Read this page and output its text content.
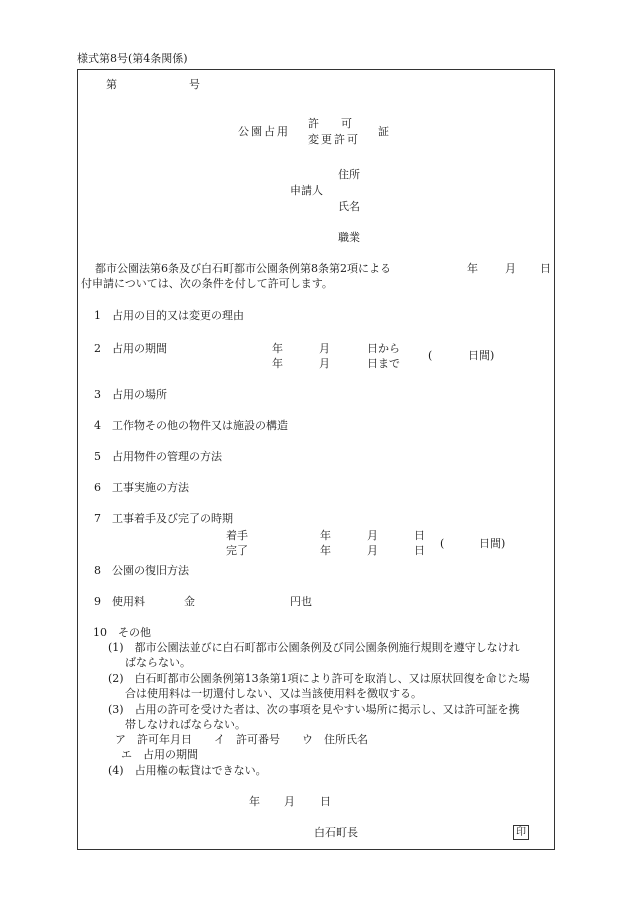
様式第8号(第4条関係)
第	号
公園占用
許　　可
変更許可
証
申請人
住所
氏名
職業
都市公園法第6条及び白石町都市公園条例第8条第2項による	年 月 日
付申請については、次の条件を付して許可します。
1　占用の目的又は変更の理由
2　占用の期間	年	月	日から
年	月	日まで
(	日間)
3　占用の場所
4　工作物その他の物件又は施設の構造
5　占用物件の管理の方法
6　工事実施の方法
7　工事着手及び完了の時期
着手	年	月	日
完了	年	月	日
(	日間)
8　公園の復旧方法
9　使用料	金	円也
10　その他
(1)　都市公園法並びに白石町都市公園条例及び同公園条例施行規則を遵守しなけれ
ばならない。
(2)　白石町都市公園条例第13条第1項により許可を取消し、又は原状回復を命じた場
合は使用料は一切還付しない、又は当該使用料を徴収する。
(3)　占用の許可を受けた者は、次の事項を見やすい場所に掲示し、又は許可証を携
帯しなければならない。
ア　許可年月日　　イ　許可番号　　ウ　住所氏名
エ　占用の期間
(4)　占用権の転貸はできない。
年 月 日
白石町長	印
